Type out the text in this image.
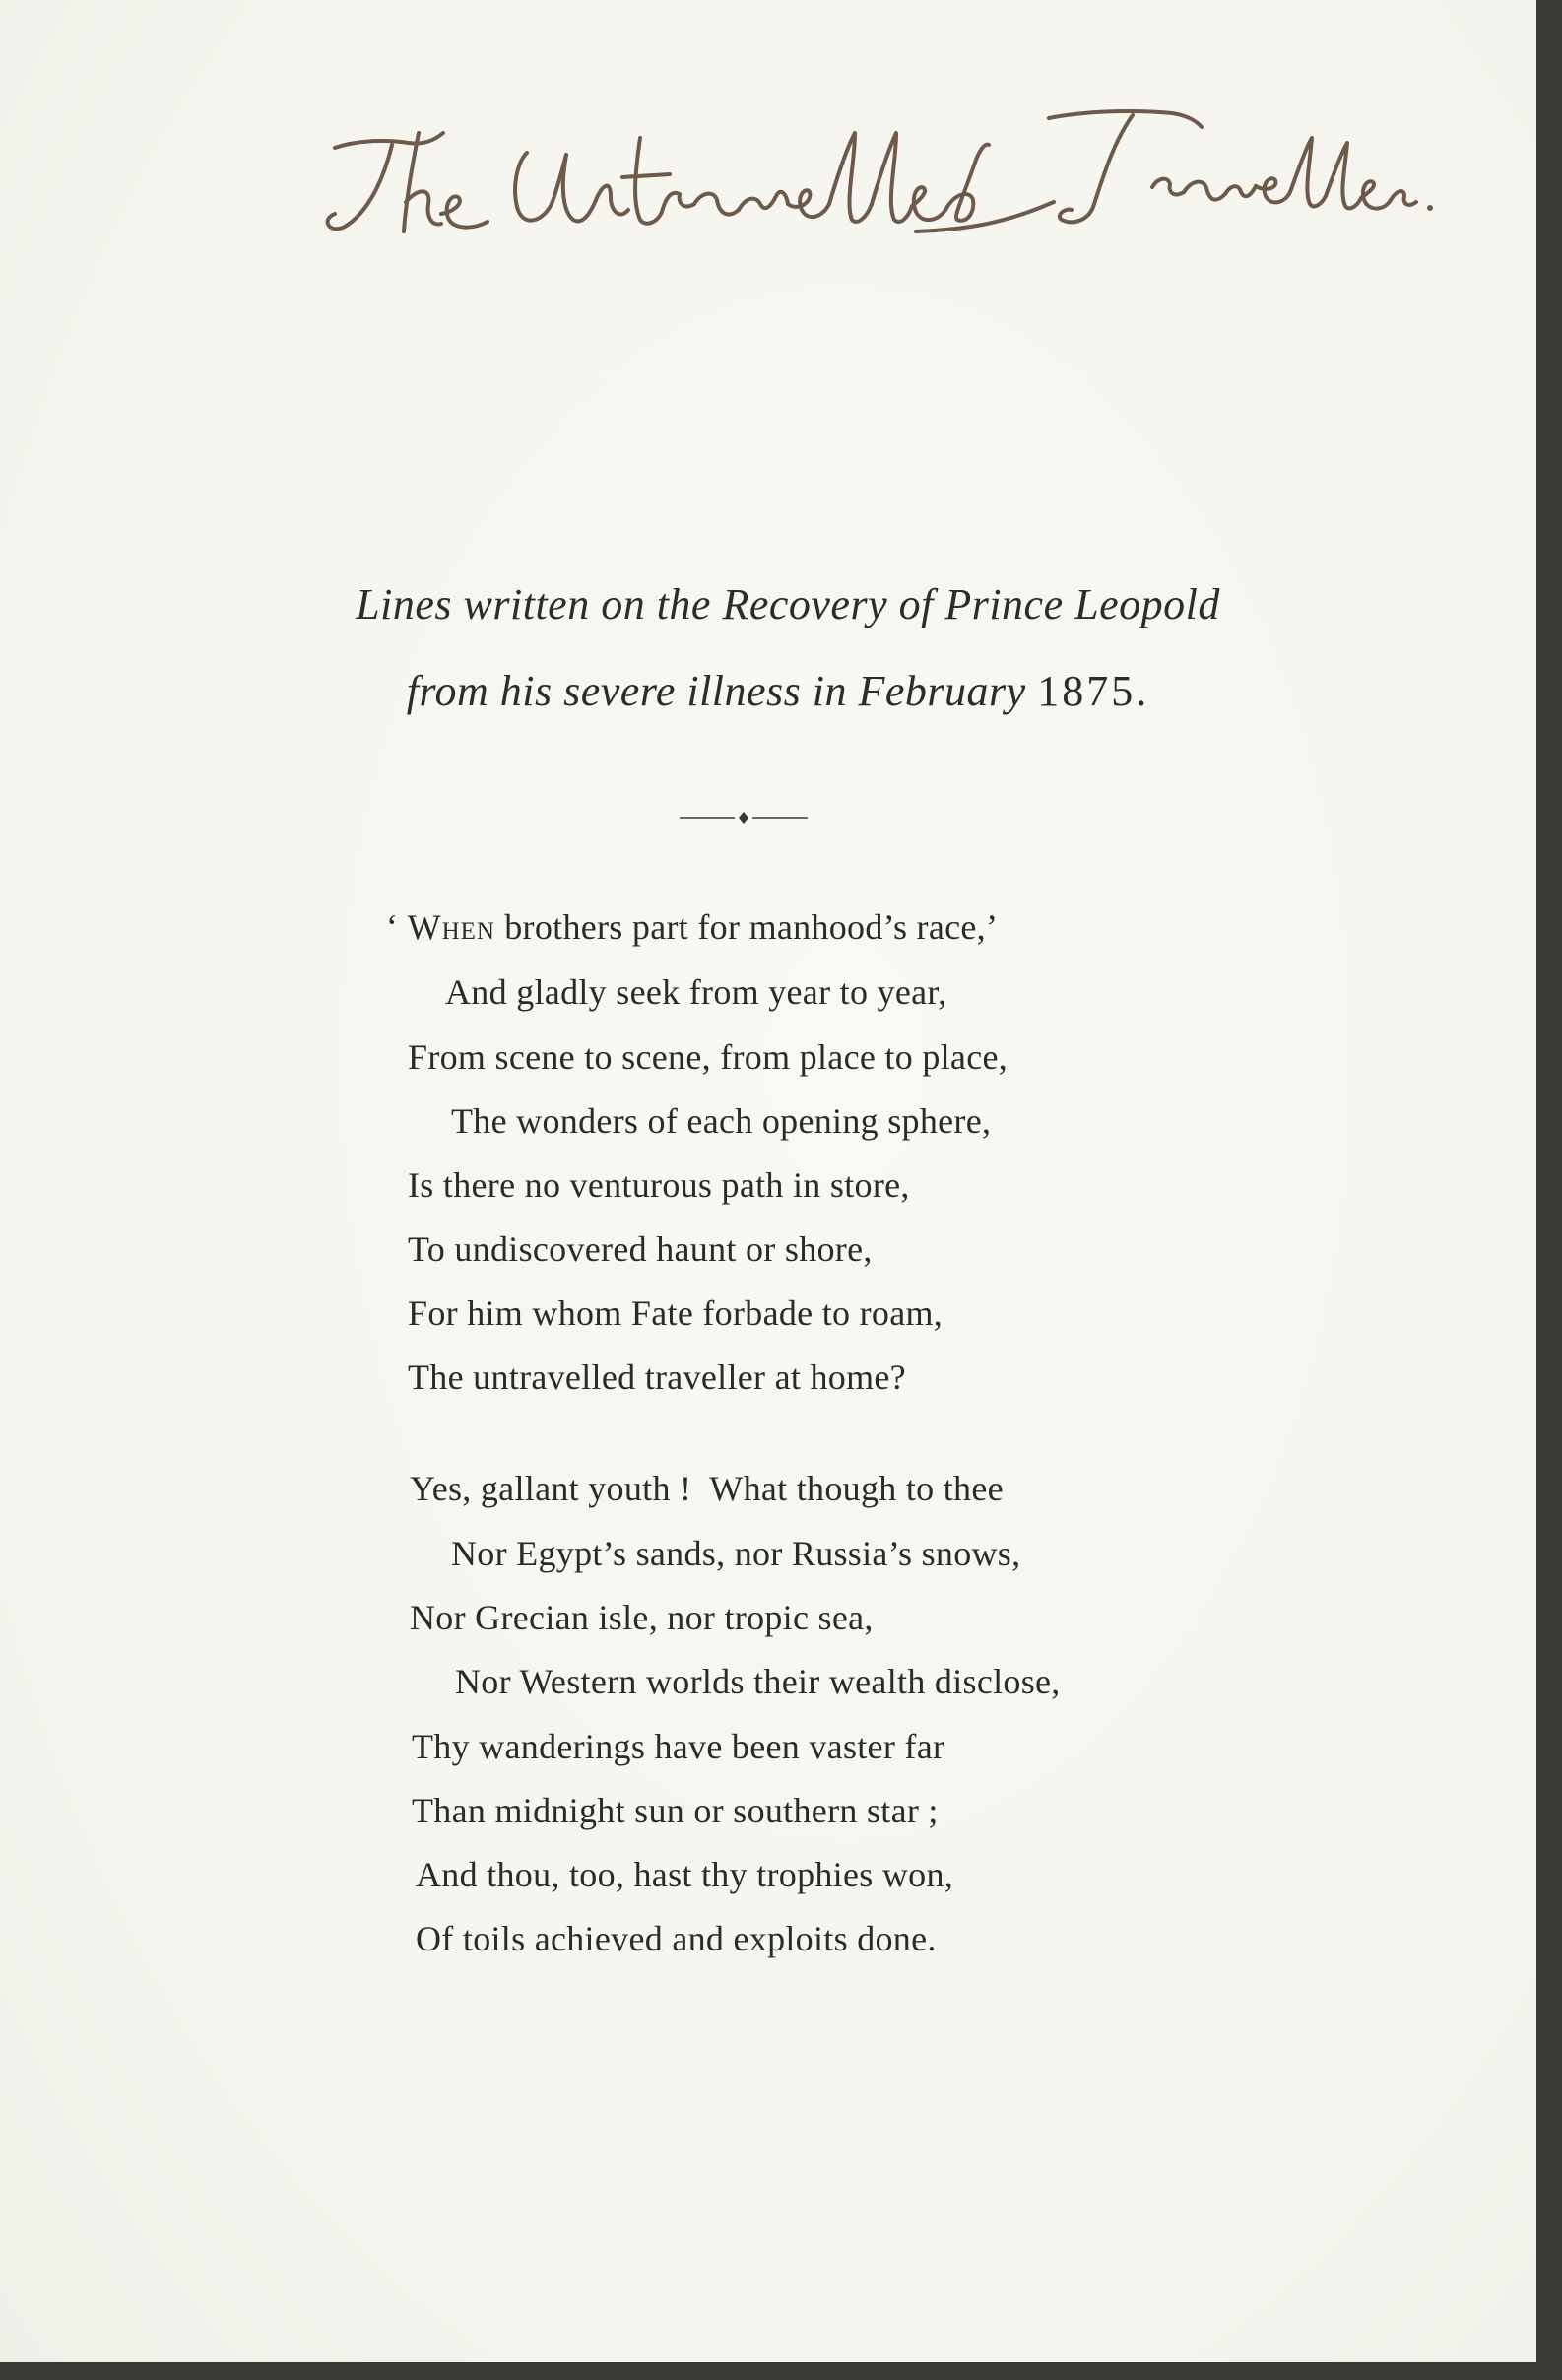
Lines written on the Recovery of Prince Leopold
from his severe illness in February 1875.
‘ When brothers part for manhood’s race,’
And gladly seek from year to year,
From scene to scene, from place to place,
The wonders of each opening sphere,
Is there no venturous path in store,
To undiscovered haunt or shore,
For him whom Fate forbade to roam,
The untravelled traveller at home?
Yes, gallant youth !  What though to thee
Nor Egypt’s sands, nor Russia’s snows,
Nor Grecian isle, nor tropic sea,
Nor Western worlds their wealth disclose,
Thy wanderings have been vaster far
Than midnight sun or southern star ;
And thou, too, hast thy trophies won,
Of toils achieved and exploits done.
